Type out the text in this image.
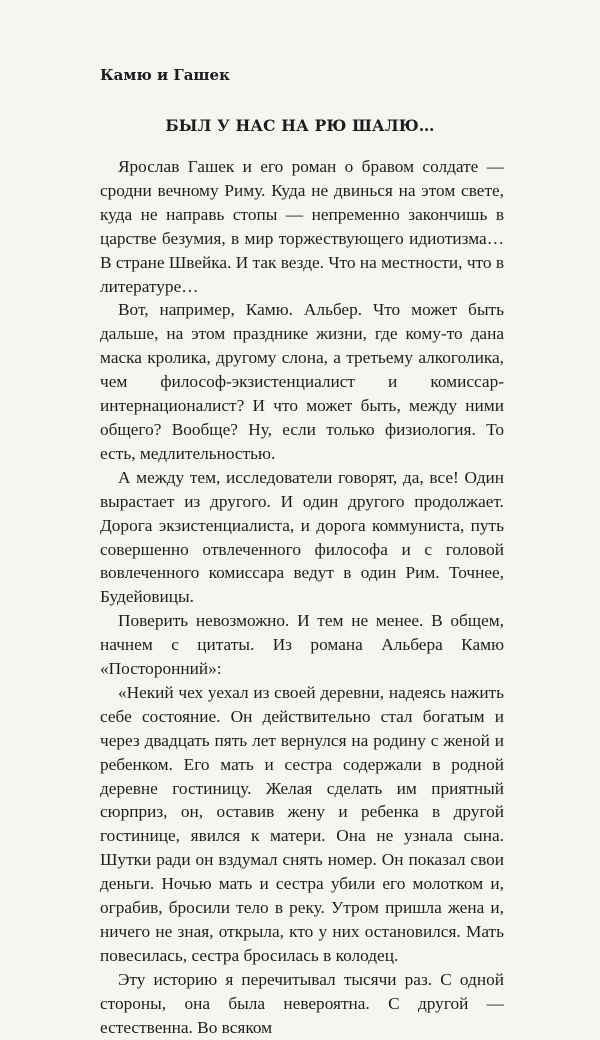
Камю и Гашек
БЫЛ У НАС НА РЮ ШАЛЮ…

Ярослав Гашек и его роман о бравом солдате — сродни вечному Риму. Куда не двинься на этом свете, куда не направь стопы — непременно закончишь в царстве безумия, в мир торжествующего идиотизма… В стране Швейка. И так везде. Что на местности, что в литературе…

Вот, например, Камю. Альбер. Что может быть дальше, на этом празднике жизни, где кому-то дана маска кролика, другому слона, а третьему алкоголика, чем философ-экзистенциалист и комиссар-интернационалист? И что может быть, между ними общего? Вообще? Ну, если только физиология. То есть, медлительностью.

А между тем, исследователи говорят, да, все! Один вырастает из другого. И один другого продолжает. Дорога экзистенциалиста, и дорога коммуниста, путь совершенно отвлеченного философа и с головой вовлеченного комиссара ведут в один Рим. Точнее, Будейовицы.

Поверить невозможно. И тем не менее. В общем, начнем с цитаты. Из романа Альбера Камю «Посторонний»:

«Некий чех уехал из своей деревни, надеясь нажить себе состояние. Он действительно стал богатым и через двадцать пять лет вернулся на родину с женой и ребенком. Его мать и сестра содержали в родной деревне гостиницу. Желая сделать им приятный сюрприз, он, оставив жену и ребенка в другой гостинице, явился к матери. Она не узнала сына. Шутки ради он вздумал снять номер. Он показал свои деньги. Ночью мать и сестра убили его молотком и, ограбив, бросили тело в реку. Утром пришла жена и, ничего не зная, открыла, кто у них остановился. Мать повесилась, сестра бросилась в колодец.

Эту историю я перечитывал тысячи раз. С одной стороны, она была невероятна. С другой — естественна. Во всяком
